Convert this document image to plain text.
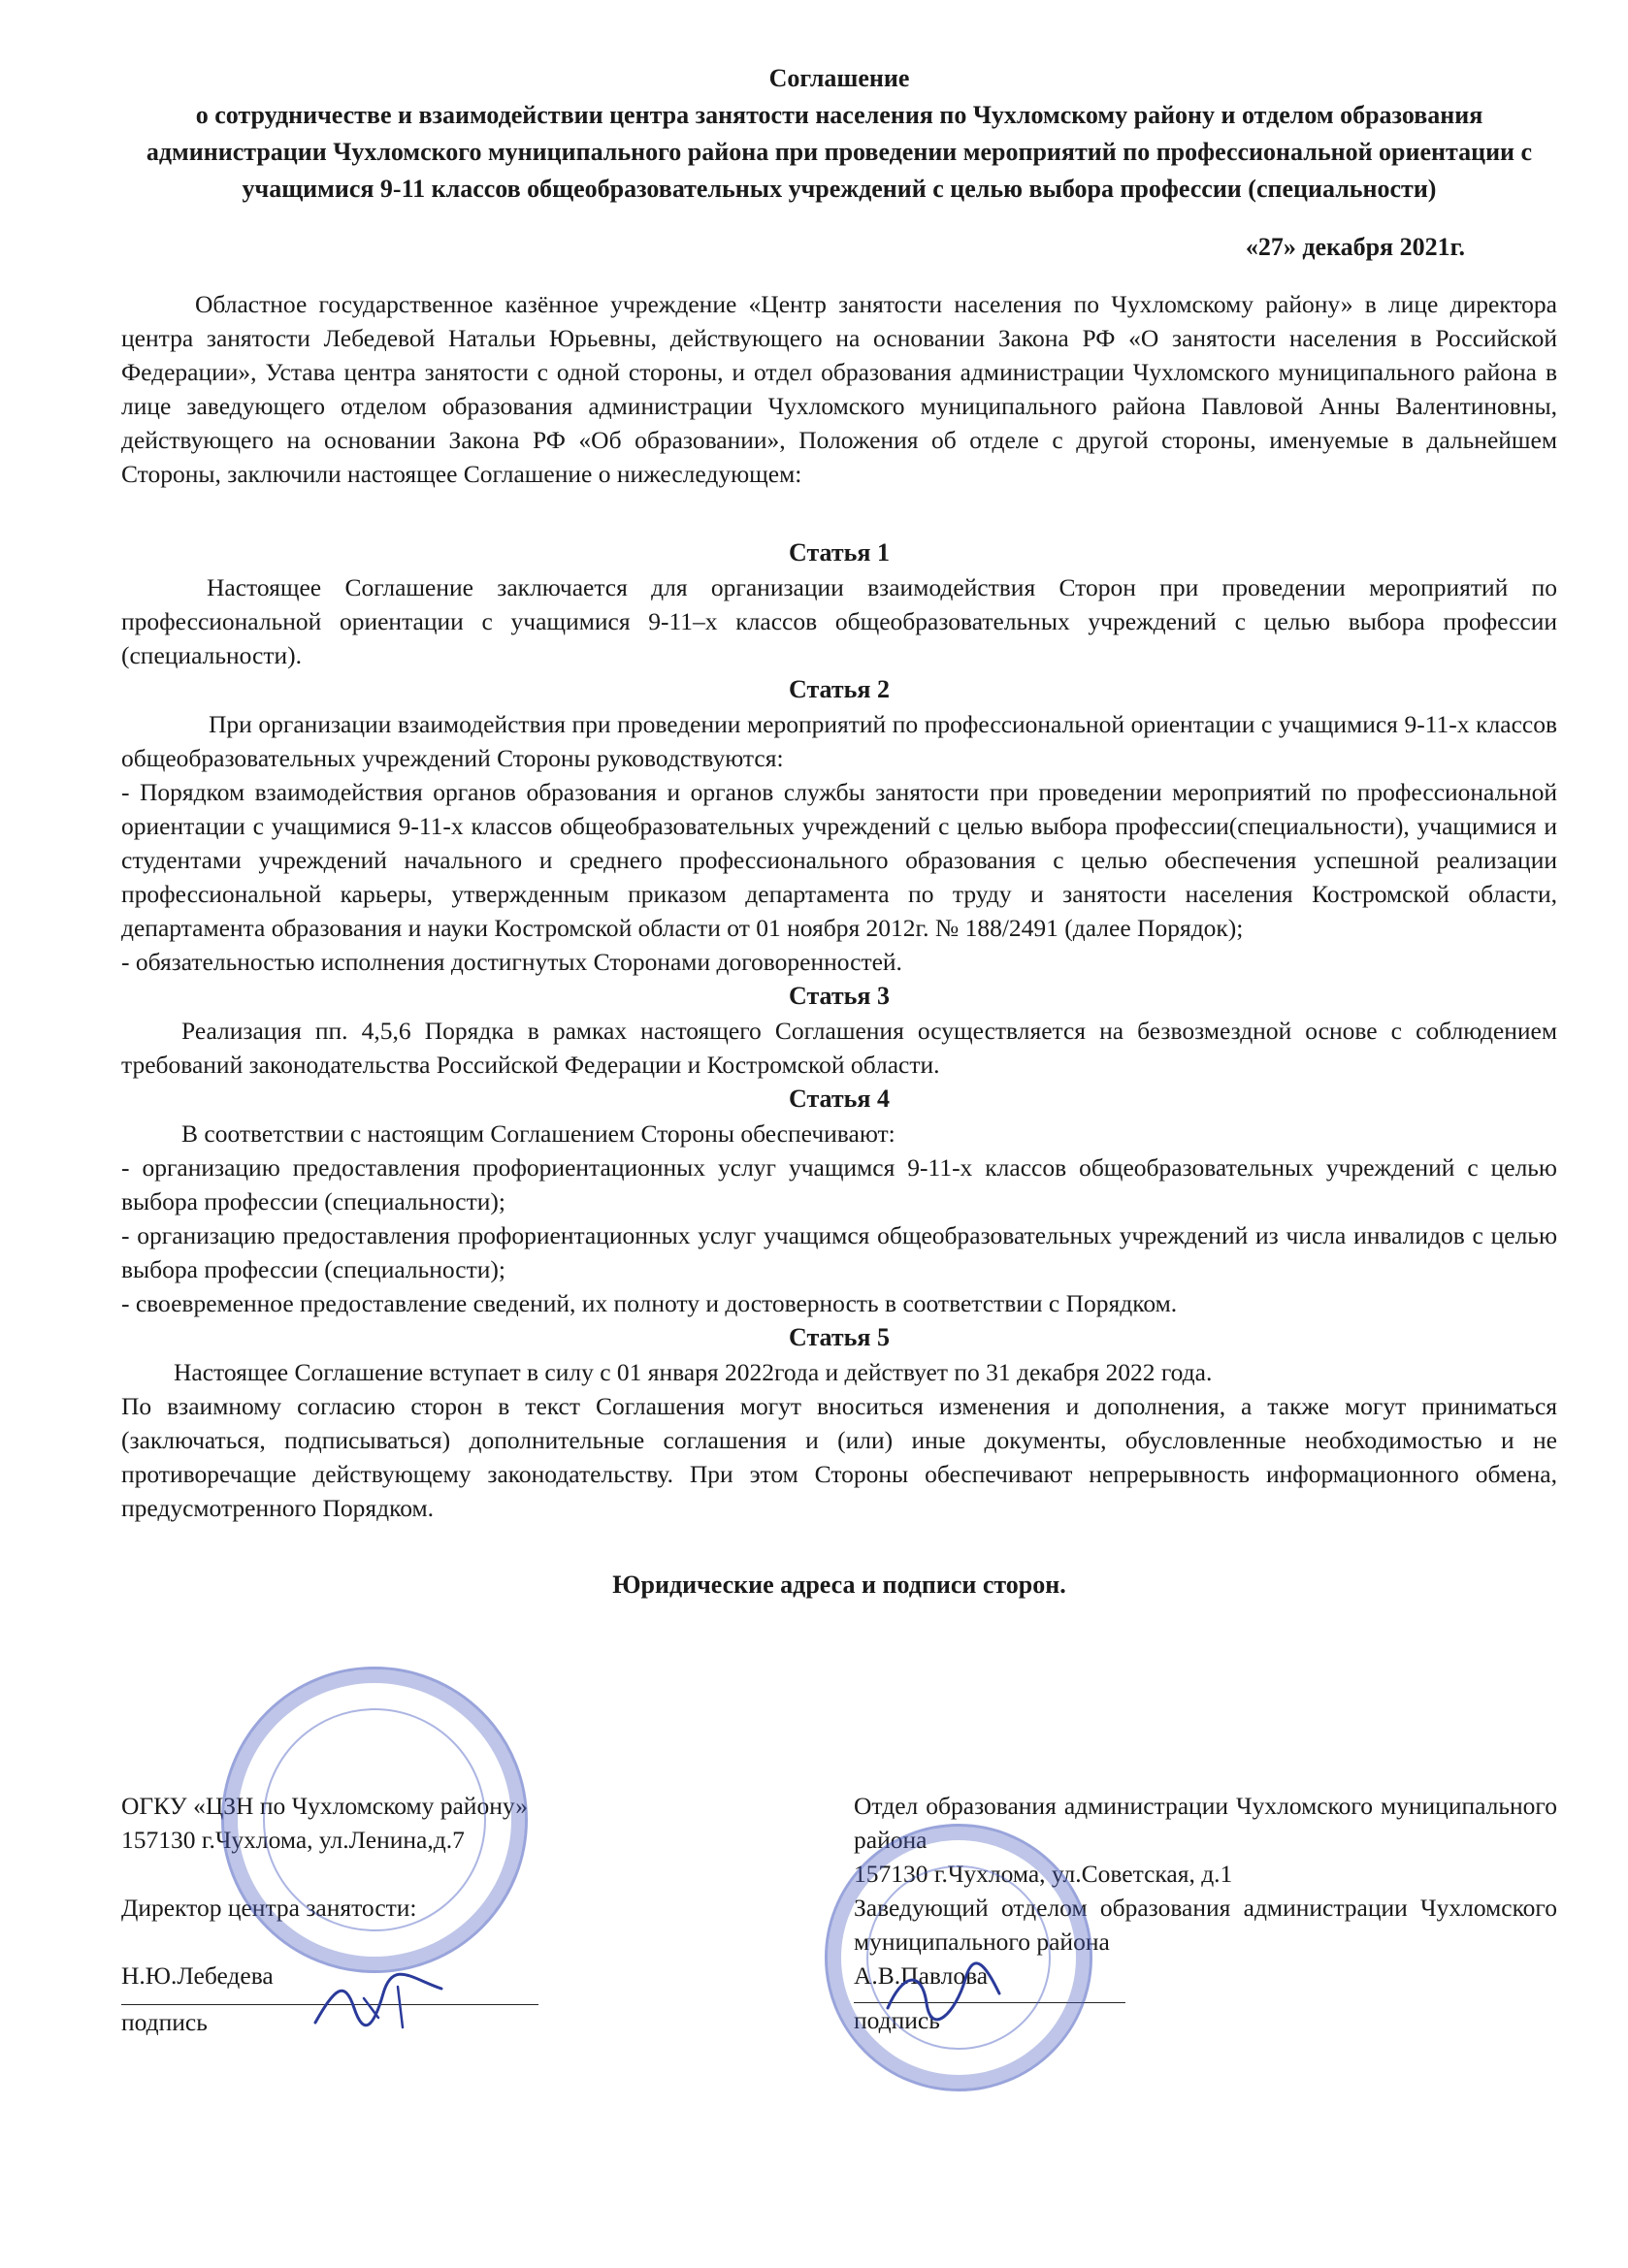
Соглашение

о сотрудничестве и взаимодействии центра занятости населения по Чухломскому району и отделом образования администрации Чухломского муниципального района при проведении мероприятий по профессиональной ориентации с учащимися 9-11 классов общеобразовательных учреждений с целью выбора профессии (специальности)

«27» декабря 2021г.

Областное государственное казённое учреждение «Центр занятости населения по Чухломскому району» в лице директора центра занятости Лебедевой Натальи Юрьевны, действующего на основании Закона РФ «О занятости населения в Российской Федерации», Устава центра занятости с одной стороны, и отдел образования администрации Чухломского муниципального района в лице заведующего отделом образования администрации Чухломского муниципального района Павловой Анны Валентиновны, действующего на основании Закона РФ «Об образовании», Положения об отделе с другой стороны, именуемые в дальнейшем Стороны, заключили настоящее Соглашение о нижеследующем:

Статья 1

Настоящее Соглашение заключается для организации взаимодействия Сторон при проведении мероприятий по профессиональной ориентации с учащимися 9-11–х классов общеобразовательных учреждений с целью выбора профессии (специальности).

Статья 2

При организации взаимодействия при проведении мероприятий по профессиональной ориентации с учащимися 9-11-х классов общеобразовательных учреждений Стороны руководствуются:

- Порядком взаимодействия органов образования и органов службы занятости при проведении мероприятий по профессиональной ориентации с учащимися 9-11-х классов общеобразовательных учреждений с целью выбора профессии(специальности), учащимися и студентами учреждений начального и среднего профессионального образования с целью обеспечения успешной реализации профессиональной карьеры, утвержденным приказом департамента по труду и занятости населения Костромской области, департамента образования и науки Костромской области от 01 ноября 2012г. № 188/2491 (далее Порядок);

- обязательностью исполнения достигнутых Сторонами договоренностей.

Статья 3

Реализация пп. 4,5,6 Порядка в рамках настоящего Соглашения осуществляется на безвозмездной основе с соблюдением требований законодательства Российской Федерации и Костромской области.

Статья 4

В соответствии с настоящим Соглашением Стороны обеспечивают:

- организацию предоставления профориентационных услуг учащимся 9-11-х классов общеобразовательных учреждений с целью выбора профессии (специальности);

- организацию предоставления профориентационных услуг учащимся общеобразовательных учреждений из числа инвалидов с целью выбора профессии (специальности);

- своевременное предоставление сведений, их полноту и достоверность в соответствии с Порядком.

Статья 5

Настоящее Соглашение вступает в силу с 01 января 2022года и действует по 31 декабря 2022 года.

По взаимному согласию сторон в текст Соглашения могут вноситься изменения и дополнения, а также могут приниматься (заключаться, подписываться) дополнительные соглашения и (или) иные документы, обусловленные необходимостью и не противоречащие действующему законодательству. При этом Стороны обеспечивают непрерывность информационного обмена, предусмотренного Порядком.

Юридические адреса и подписи сторон.

ОГКУ «ЦЗН по Чухломскому району»
157130 г.Чухлома, ул.Ленина,д.7
Директор центра занятости:
Н.Ю.Лебедева
подпись

Отдел образования администрации Чухломского муниципального района

157130 г.Чухлома, ул.Советская, д.1

Заведующий отделом образования администрации Чухломского муниципального района

А.В.Павлова
подпись
